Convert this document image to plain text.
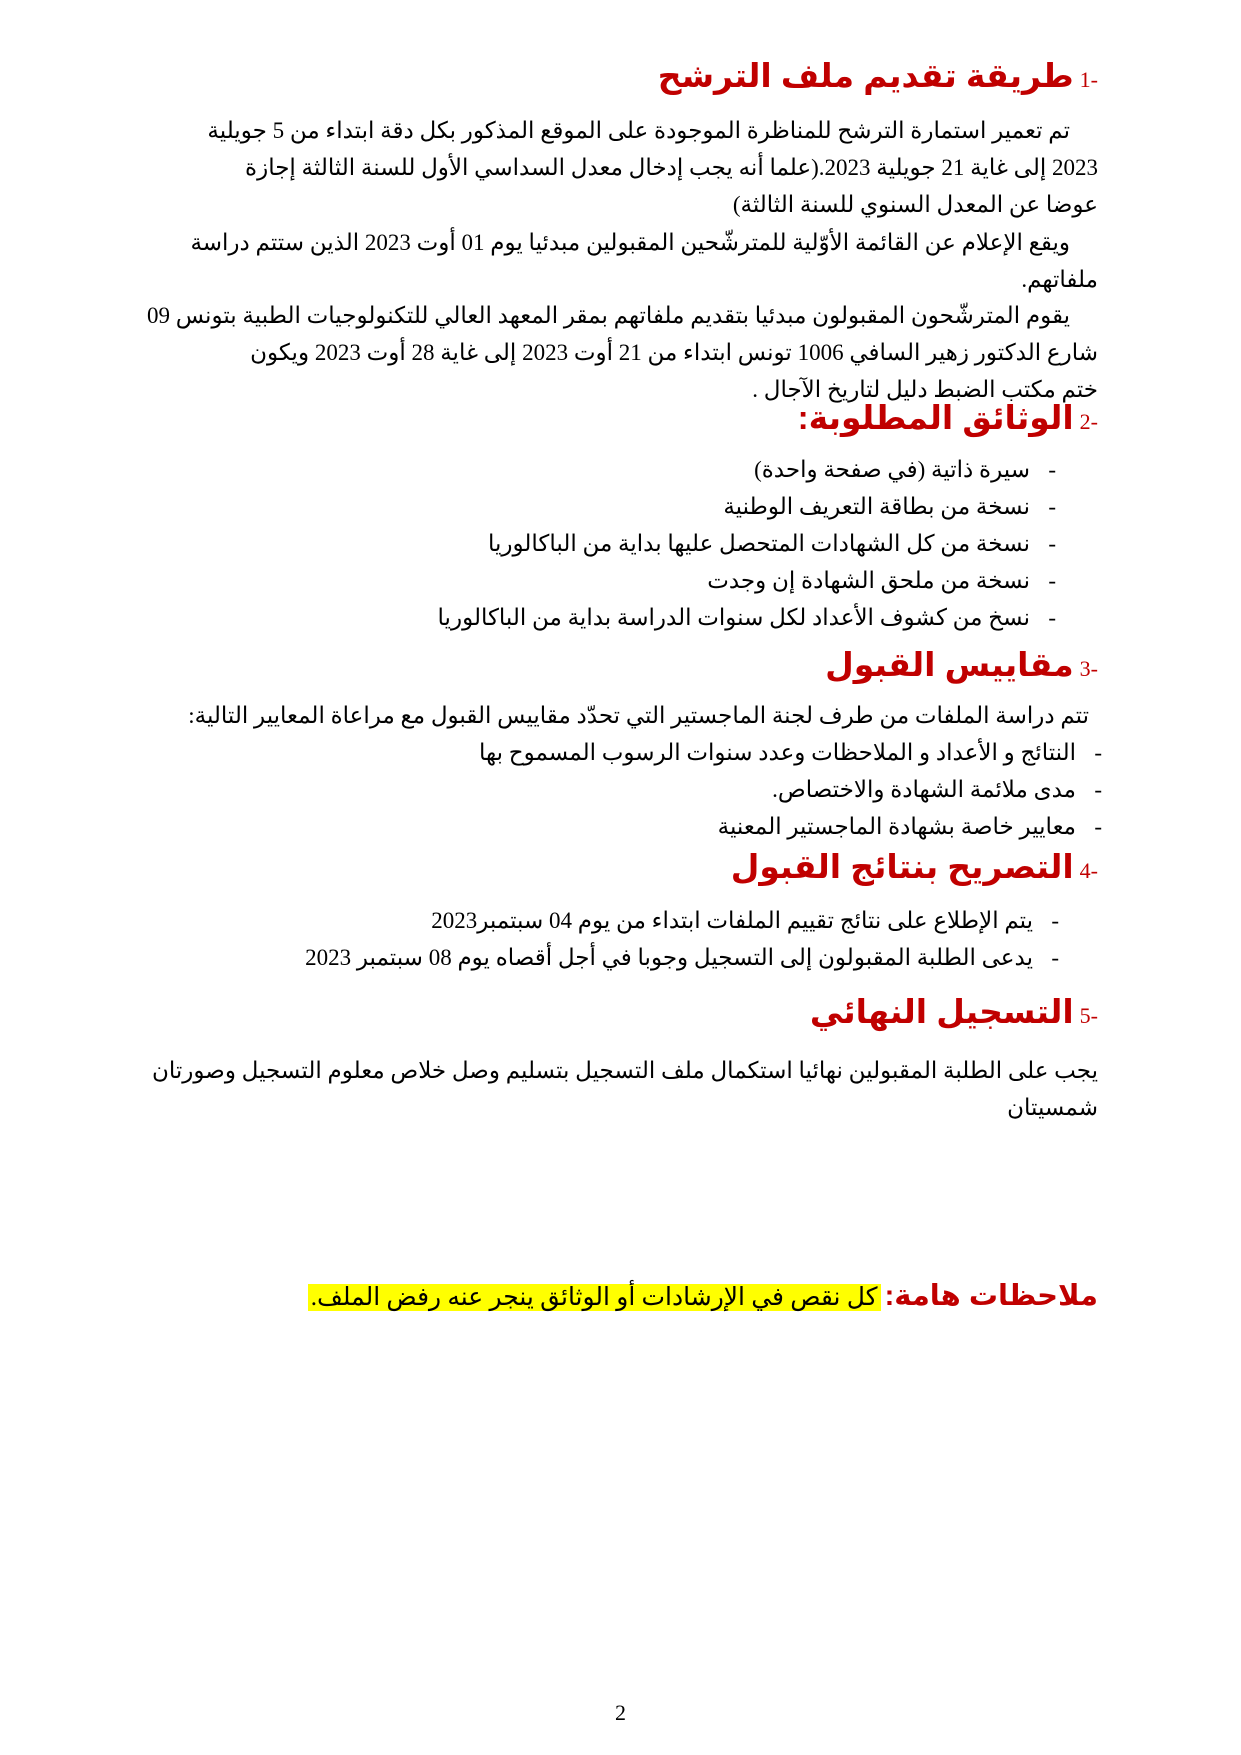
-1طريقة تقديم ملف الترشح

تم تعمير استمارة الترشح للمناظرة الموجودة على الموقع المذكور بكل دقة ابتداء من 5 جويلية
2023 إلى غاية 21 جويلية 2023.(علما أنه يجب إدخال معدل السداسي الأول للسنة الثالثة إجازة
عوضا عن المعدل السنوي للسنة الثالثة)

ويقع الإعلام عن القائمة الأوّلية للمترشّحين المقبولين مبدئيا يوم 01 أوت 2023 الذين ستتم دراسة
ملفاتهم.

يقوم المترشّحون المقبولون مبدئيا بتقديم ملفاتهم بمقر المعهد العالي للتكنولوجيات الطبية بتونس 09
شارع الدكتور زهير السافي 1006 تونس ابتداء من 21 أوت 2023 إلى غاية 28 أوت 2023 ويكون
ختم مكتب الضبط دليل لتاريخ الآجال .

-2الوثائق المطلوبة:
-
سيرة ذاتية (في صفحة واحدة)
-
نسخة من بطاقة التعريف الوطنية
-
نسخة من كل الشهادات المتحصل عليها بداية من الباكالوريا
-
نسخة من ملحق الشهادة إن وجدت
-
نسخ من كشوف الأعداد لكل سنوات الدراسة بداية من الباكالوريا
-3مقاييس القبول

تتم دراسة الملفات من طرف لجنة الماجستير التي تحدّد مقاييس القبول مع مراعاة المعايير التالية:

-
النتائج و الأعداد و الملاحظات وعدد سنوات الرسوب المسموح بها
-
مدى ملائمة الشهادة والاختصاص.
-
معايير خاصة بشهادة الماجستير المعنية
-4التصريح بنتائج القبول
-
يتم الإطلاع على نتائج تقييم الملفات ابتداء من يوم 04 سبتمبر2023
-
يدعى الطلبة المقبولون إلى التسجيل وجوبا في أجل أقصاه يوم 08 سبتمبر 2023
-5التسجيل النهائي

يجب على الطلبة المقبولين نهائيا استكمال ملف التسجيل بتسليم وصل خلاص معلوم التسجيل وصورتان
شمسيتان

ملاحظات هامة: كل نقص في الإرشادات أو الوثائق ينجر عنه رفض الملف.

2
